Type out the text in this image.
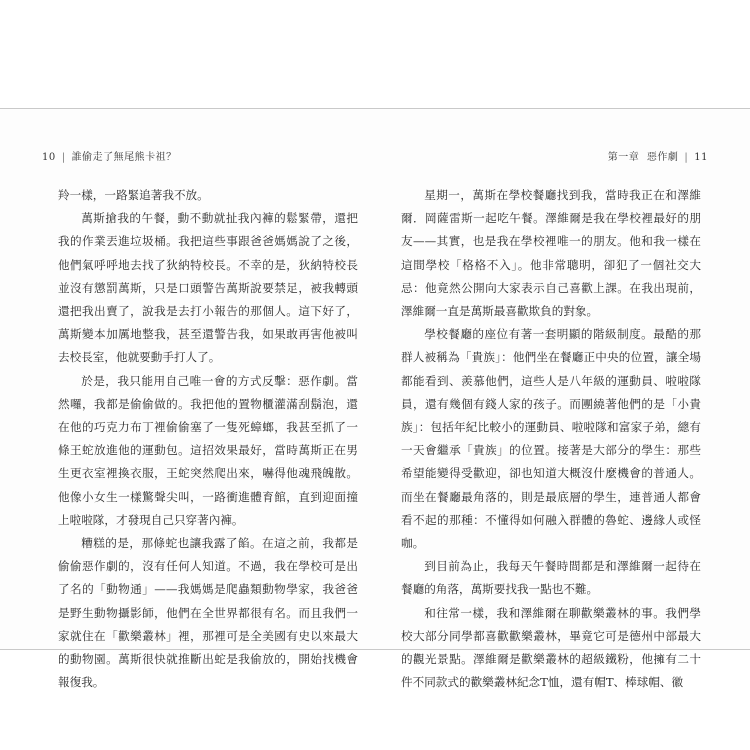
10 | 誰偷走了無尾熊卡祖？	第一章 惡作劇 | 11

羚一樣，一路緊追著我不放。

萬斯搶我的午餐，動不動就扯我內褲的鬆緊帶，還把我的作業丟進垃圾桶。我把這些事跟爸爸媽媽說了之後，他們氣呼呼地去找了狄納特校長。不幸的是，狄納特校長並沒有懲罰萬斯，只是口頭警告萬斯說要禁足，被我轉頭還把我出賣了，說我是去打小報告的那個人。這下好了，萬斯變本加厲地整我，甚至還警告我，如果敢再害他被叫去校長室，他就要動手打人了。

於是，我只能用自己唯一會的方式反擊：惡作劇。當然囉，我都是偷偷做的。我把他的置物櫃灌滿刮鬍泡，還在他的巧克力布丁裡偷偷塞了一隻死蟑螂，我甚至抓了一條王蛇放進他的運動包。這招效果最好，當時萬斯正在男生更衣室裡換衣服，王蛇突然爬出來，嚇得他魂飛魄散。他像小女生一樣驚聲尖叫，一路衝進體育館，直到迎面撞上啦啦隊，才發現自己只穿著內褲。

糟糕的是，那條蛇也讓我露了餡。在這之前，我都是偷偷惡作劇的，沒有任何人知道。不過，我在學校可是出了名的「動物通」——我媽媽是爬蟲類動物學家，我爸爸是野生動物攝影師，他們在全世界都很有名。而且我們一家就住在「歡樂叢林」裡，那裡可是全美國有史以來最大的動物園。萬斯很快就推斷出蛇是我偷放的，開始找機會報復我。

星期一，萬斯在學校餐廳找到我，當時我正在和澤維爾．岡薩雷斯一起吃午餐。澤維爾是我在學校裡最好的朋友——其實，也是我在學校裡唯一的朋友。他和我一樣在這間學校「格格不入」。他非常聰明，卻犯了一個社交大忌：他竟然公開向大家表示自己喜歡上課。在我出現前，澤維爾一直是萬斯最喜歡欺負的對象。

學校餐廳的座位有著一套明顯的階級制度。最酷的那群人被稱為「貴族」：他們坐在餐廳正中央的位置，讓全場都能看到、羨慕他們，這些人是八年級的運動員、啦啦隊員，還有幾個有錢人家的孩子。而團繞著他們的是「小貴族」：包括年紀比較小的運動員、啦啦隊和富家子弟，總有一天會繼承「貴族」的位置。接著是大部分的學生：那些希望能變得受歡迎，卻也知道大概沒什麼機會的普通人。而坐在餐廳最角落的，則是最底層的學生，連普通人都會看不起的那種：不懂得如何融入群體的魯蛇、邊緣人或怪咖。

到目前為止，我每天午餐時間都是和澤維爾一起待在餐廳的角落，萬斯要找我一點也不難。

和往常一樣，我和澤維爾在聊歡樂叢林的事。我們學校大部分同學都喜歡歡樂叢林，畢竟它可是德州中部最大的觀光景點。澤維爾是歡樂叢林的超級鐵粉，他擁有二十件不同款式的歡樂叢林紀念T恤，還有帽T、棒球帽、徽
